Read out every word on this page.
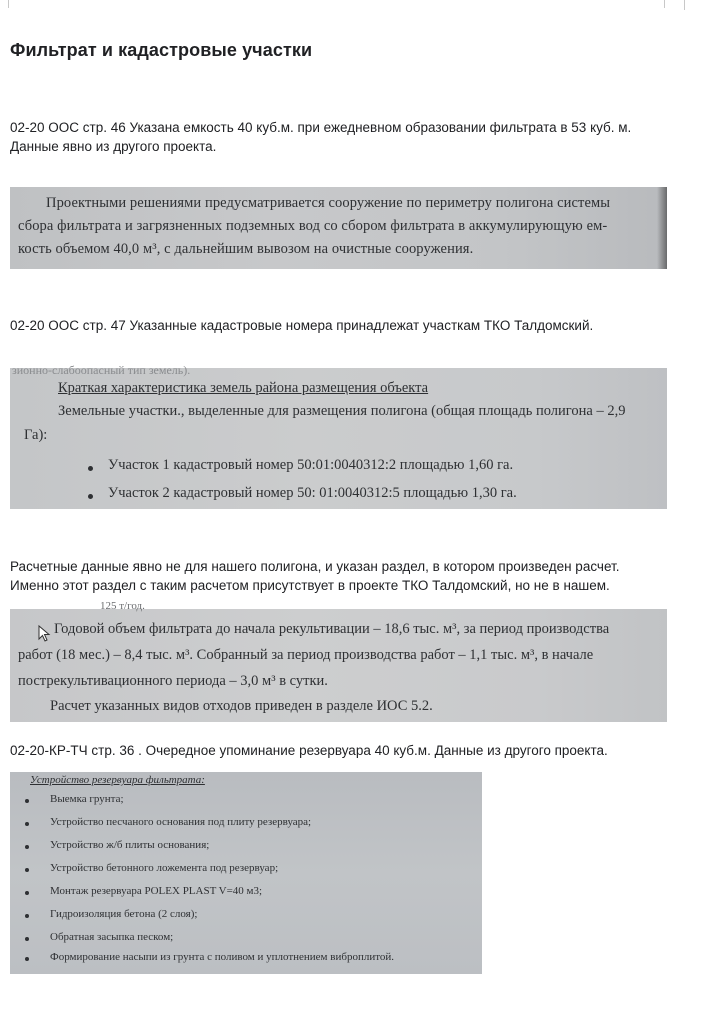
Фильтрат и кадастровые участки

02-20 ООС стр. 46 Указана емкость 40 куб.м. при ежедневном образовании фильтрата в 53 куб. м.
Данные явно из другого проекта.

Проектными решениями предусматривается сооружение по периметру полигона системы
сбора фильтрата и загрязненных подземных вод со сбором фильтрата в аккумулирующую ем-
кость объемом 40,0 м³, с дальнейшим вывозом на очистные сооружения.

02-20 ООС стр. 47 Указанные кадастровые номера принадлежат участкам ТКО Талдомский.

зионно-слабоопасный тип земель).
Краткая характеристика земель района размещения объекта
Земельные участки., выделенные для размещения полигона (общая площадь полигона – 2,9
Га):
Участок 1 кадастровый номер 50:01:0040312:2 площадью 1,60 га.
Участок 2 кадастровый номер 50: 01:0040312:5 площадью 1,30 га.

Расчетные данные явно не для нашего полигона, и указан раздел, в котором произведен расчет.
Именно этот раздел с таким расчетом присутствует в проекте ТКО Талдомский, но не в нашем.

125 т/год.
Годовой объем фильтрата до начала рекультивации – 18,6 тыс. м³, за период производства
работ (18 мес.) – 8,4 тыс. м³. Собранный за период производства работ – 1,1 тыс. м³, в начале
пострекультивационного периода – 3,0 м³ в сутки.
Расчет указанных видов отходов приведен в разделе ИОС 5.2.

02-20-КР-ТЧ стр. 36 . Очередное упоминание резервуара 40 куб.м. Данные из другого проекта.

Устройство резервуара фильтрата:
Выемка грунта;
Устройство песчаного основания под плиту резервуара;
Устройство ж/б плиты основания;
Устройство бетонного ложемента под резервуар;
Монтаж резервуара POLEX PLAST V=40 м3;
Гидроизоляция бетона (2 слоя);
Обратная засыпка песком;
Формирование насыпи из грунта с поливом и уплотнением виброплитой.
